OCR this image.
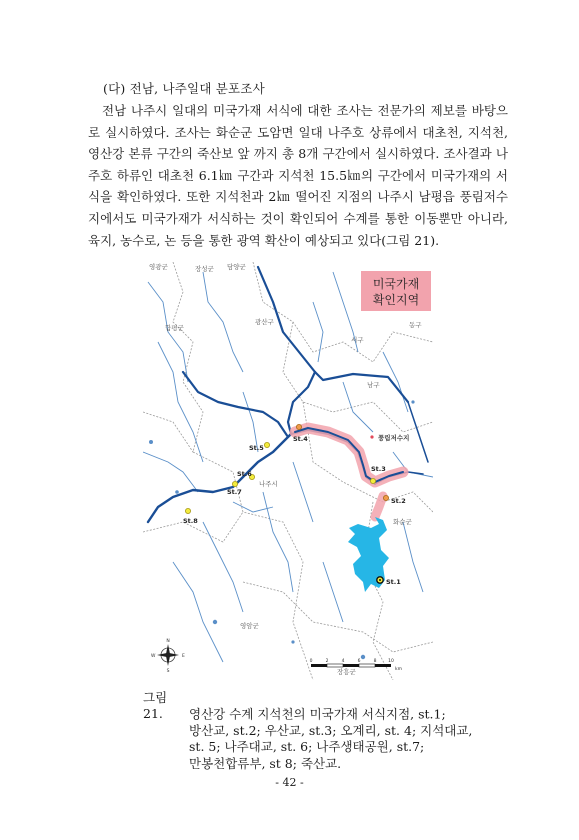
(다) 전남, 나주일대 분포조사

전남 나주시 일대의 미국가재 서식에 대한 조사는 전문가의 제보를 바탕으로 실시하였다. 조사는 화순군 도암면 일대 나주호 상류에서 대초천, 지석천, 영산강 본류 구간의 죽산보 앞 까지 총 8개 구간에서 실시하였다. 조사결과 나주호 하류인 대초천 6.1㎞ 구간과 지석천 15.5㎞의 구간에서 미국가재의 서식을 확인하였다. 또한 지석천과 2㎞ 떨어진 지점의 나주시 남평읍 풍림저수지에서도 미국가재가 서식하는 것이 확인되어 수계를 통한 이동뿐만 아니라, 육지, 농수로, 논 등을 통한 광역 확산이 예상되고 있다(그림 21).

영광군	장성군 담양군
함평군
광산구	동구
서구
남구
나주시
화순군
영암군
장흥군
미국가재
확인지역
풍림저수지
St.1
St.2
St.3
St.4
St.5
St.6
St.7
St.8
N
S
E
W
0	2	4	6	8	10
km
그림 21. 영산강 수계 지석천의 미국가재 서식지점, st.1;
방산교, st.2; 우산교, st.3; 오계리, st. 4; 지석대교,
st. 5; 나주대교, st. 6; 나주생태공원, st.7;
만봉천합류부, st 8; 죽산교.
- 42 -
